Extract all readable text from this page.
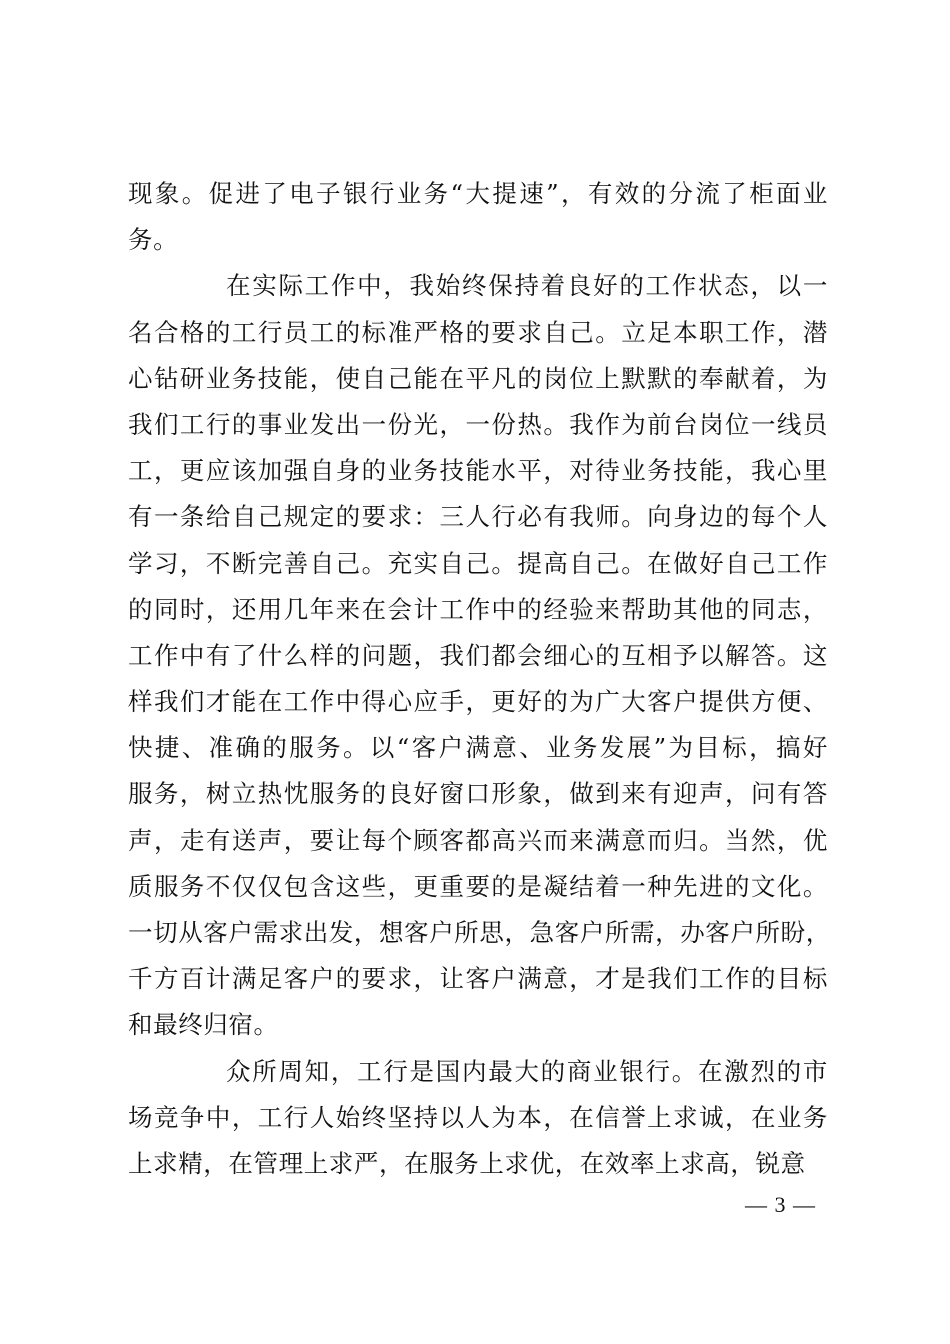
现象。促进了电子银行业务“大提速”，有效的分流了柜面业
务。
在实际工作中，我始终保持着良好的工作状态，以一
名合格的工行员工的标准严格的要求自己。立足本职工作，潜
心钻研业务技能，使自己能在平凡的岗位上默默的奉献着，为
我们工行的事业发出一份光，一份热。我作为前台岗位一线员
工，更应该加强自身的业务技能水平，对待业务技能，我心里
有一条给自己规定的要求：三人行必有我师。向身边的每个人
学习，不断完善自己。充实自己。提高自己。在做好自己工作
的同时，还用几年来在会计工作中的经验来帮助其他的同志，
工作中有了什么样的问题，我们都会细心的互相予以解答。这
样我们才能在工作中得心应手，更好的为广大客户提供方便、
快捷、准确的服务。以“客户满意、业务发展”为目标，搞好
服务，树立热忱服务的良好窗口形象，做到来有迎声，问有答
声，走有送声，要让每个顾客都高兴而来满意而归。当然，优
质服务不仅仅包含这些，更重要的是凝结着一种先进的文化。
一切从客户需求出发，想客户所思，急客户所需，办客户所盼，
千方百计满足客户的要求，让客户满意，才是我们工作的目标
和最终归宿。
众所周知，工行是国内最大的商业银行。在激烈的市
场竞争中，工行人始终坚持以人为本，在信誉上求诚，在业务
上求精，在管理上求严，在服务上求优，在效率上求高，锐意
— 3 —
